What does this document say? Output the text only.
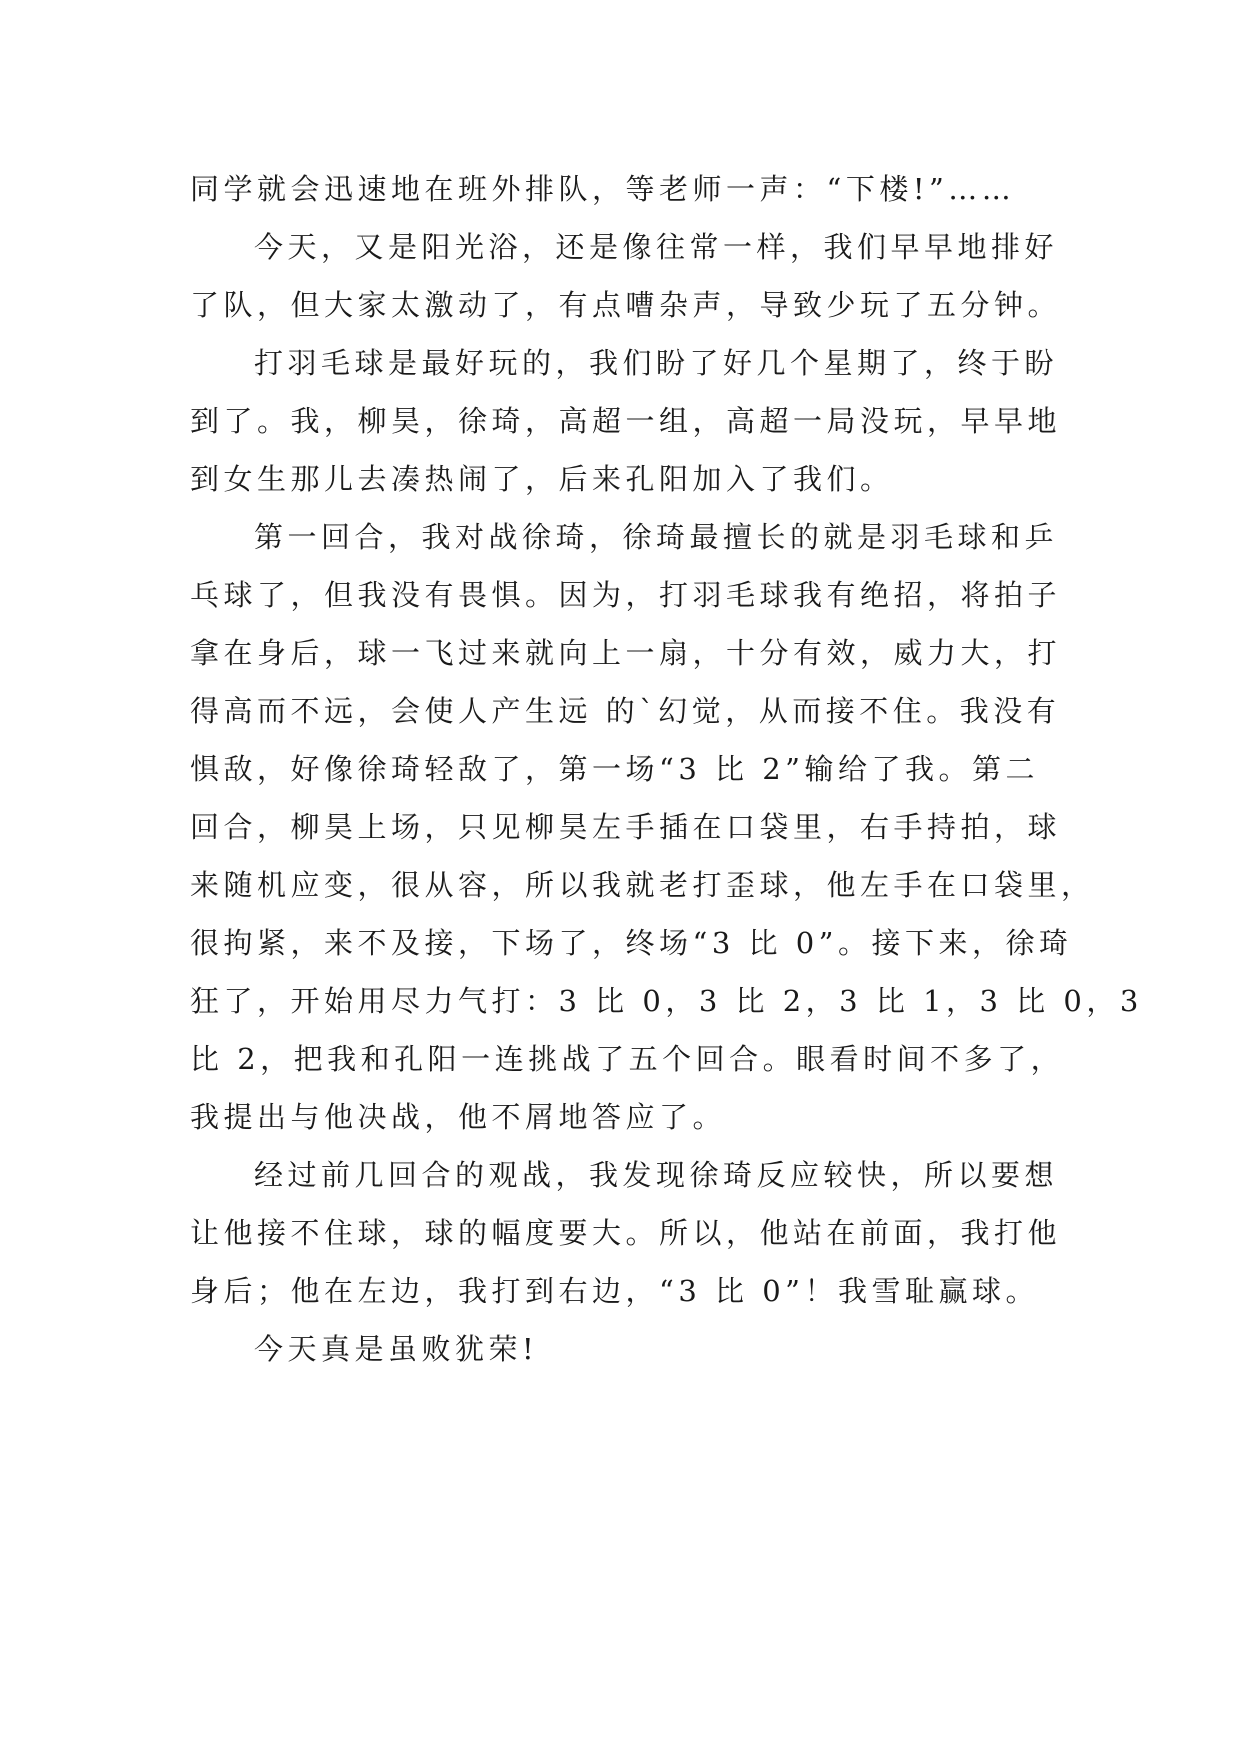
同学就会迅速地在班外排队，等老师一声：“下楼!”……
今天，又是阳光浴，还是像往常一样，我们早早地排好
了队，但大家太激动了，有点嘈杂声，导致少玩了五分钟。
打羽毛球是最好玩的，我们盼了好几个星期了，终于盼
到了。我，柳昊，徐琦，高超一组，高超一局没玩，早早地
到女生那儿去凑热闹了，后来孔阳加入了我们。
第一回合，我对战徐琦，徐琦最擅长的就是羽毛球和乒
乓球了，但我没有畏惧。因为，打羽毛球我有绝招，将拍子
拿在身后，球一飞过来就向上一扇，十分有效，威力大，打
得高而不远，会使人产生远 的`幻觉，从而接不住。我没有
惧敌，好像徐琦轻敌了，第一场“3 比 2”输给了我。第二
回合，柳昊上场，只见柳昊左手插在口袋里，右手持拍，球
来随机应变，很从容，所以我就老打歪球，他左手在口袋里，
很拘紧，来不及接，下场了，终场“3 比 0”。接下来，徐琦
狂了，开始用尽力气打：3 比 0，3 比 2，3 比 1，3 比 0，3
比 2，把我和孔阳一连挑战了五个回合。眼看时间不多了，
我提出与他决战，他不屑地答应了。
经过前几回合的观战，我发现徐琦反应较快，所以要想
让他接不住球，球的幅度要大。所以，他站在前面，我打他
身后；他在左边，我打到右边，“3 比 0”！我雪耻赢球。
今天真是虽败犹荣!
